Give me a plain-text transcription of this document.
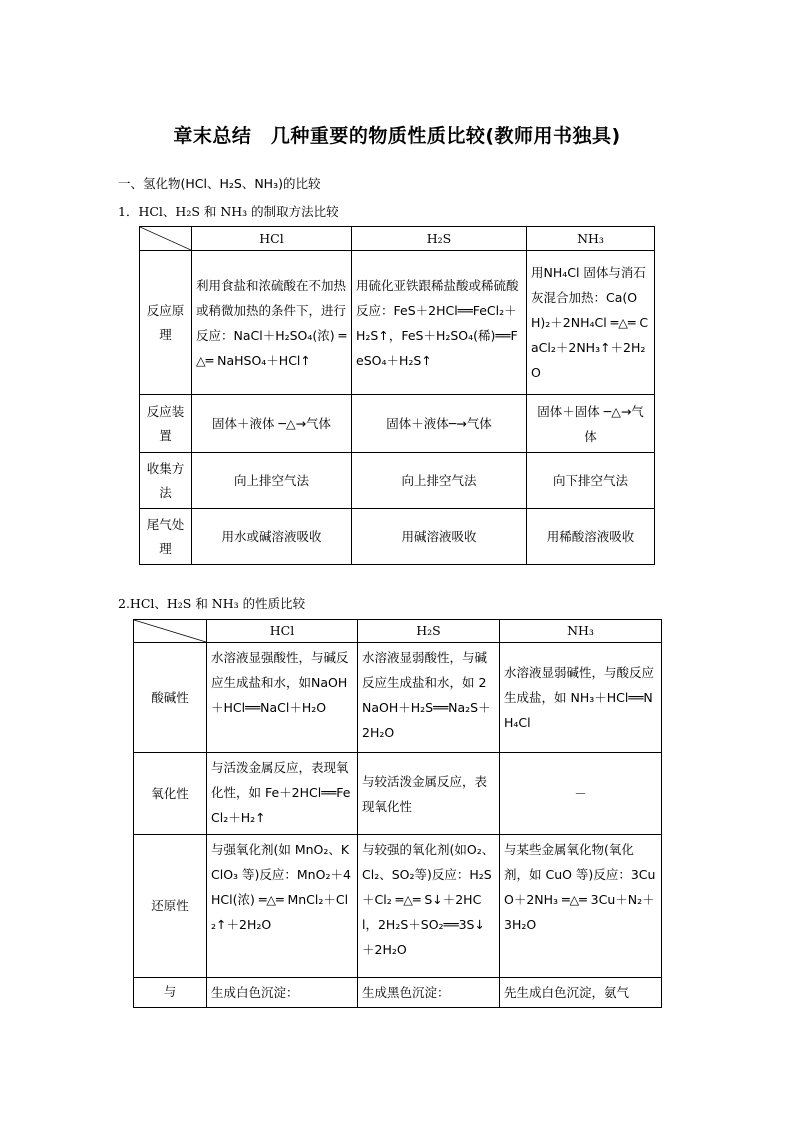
章末总结　几种重要的物质性质比较(教师用书独具)
一、氢化物(HCl、H₂S、NH₃)的比较
1．HCl、H₂S 和 NH₃ 的制取方法比较
	HCl	H₂S	NH₃
反应原理	利用食盐和浓硫酸在不加热或稍微加热的条件下，进行反应：NaCl＋H₂SO₄(浓) ═△═ NaHSO₄＋HCl↑	用硫化亚铁跟稀盐酸或稀硫酸反应：FeS＋2HCl══FeCl₂＋H₂S↑，FeS＋H₂SO₄(稀)══FeSO₄＋H₂S↑	用NH₄Cl 固体与消石灰混合加热：Ca(OH)₂＋2NH₄Cl ═△═ CaCl₂＋2NH₃↑＋2H₂O
反应装置	固体＋液体 ─△→气体	固体＋液体─→气体	固体＋固体 ─△→气体
收集方法	向上排空气法	向上排空气法	向下排空气法
尾气处理	用水或碱溶液吸收	用碱溶液吸收	用稀酸溶液吸收
2.HCl、H₂S 和 NH₃ 的性质比较
	HCl	H₂S	NH₃
酸碱性	水溶液显强酸性，与碱反应生成盐和水，如NaOH＋HCl══NaCl＋H₂O	水溶液显弱酸性，与碱反应生成盐和水，如 2NaOH＋H₂S══Na₂S＋2H₂O	水溶液显弱碱性，与酸反应生成盐，如 NH₃＋HCl══NH₄Cl
氧化性	与活泼金属反应，表现氧化性，如 Fe＋2HCl══FeCl₂＋H₂↑	与较活泼金属反应，表现氧化性	－
还原性	与强氧化剂(如 MnO₂、KClO₃ 等)反应：MnO₂＋4HCl(浓) ═△═ MnCl₂＋Cl₂↑＋2H₂O	与较强的氧化剂(如O₂、Cl₂、SO₂等)反应：H₂S＋Cl₂ ═△═ S↓＋2HCl，2H₂S＋SO₂══3S↓＋2H₂O	与某些金属氧化物(氧化剂，如 CuO 等)反应：3CuO＋2NH₃ ═△═ 3Cu＋N₂＋3H₂O
与	生成白色沉淀：	生成黑色沉淀：	先生成白色沉淀，氨气
